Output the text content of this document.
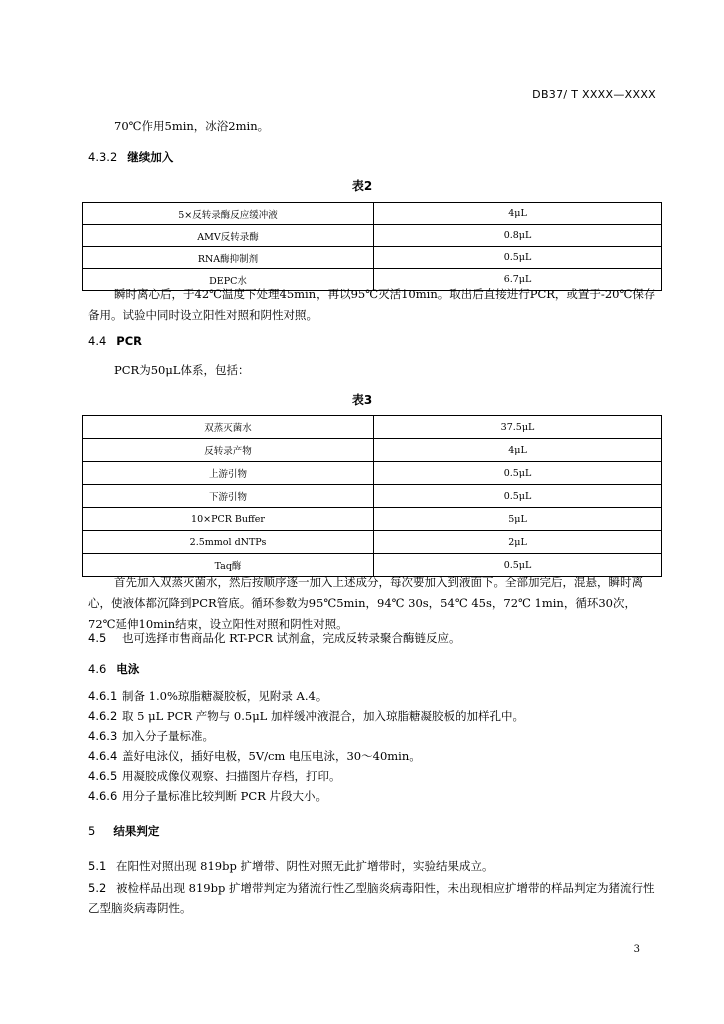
DB37/ T XXXX—XXXX
70℃作用5min，冰浴2min。
4.3.2 继续加入
表2
5×反转录酶反应缓冲液	4μL
AMV反转录酶	0.8μL
RNA酶抑制剂	0.5μL
DEPC水	6.7μL
瞬时离心后，于42℃温度下处理45min，再以95℃灭活10min。取出后直接进行PCR，或置于-20℃保存备用。试验中同时设立阳性对照和阴性对照。
4.4 PCR
PCR为50μL体系，包括：
表3
双蒸灭菌水	37.5μL
反转录产物	4μL
上游引物	0.5μL
下游引物	0.5μL
10×PCR Buffer	5μL
2.5mmol dNTPs	2μL
Taq酶	0.5μL
首先加入双蒸灭菌水，然后按顺序逐一加入上述成分，每次要加入到液面下。全部加完后，混悬，瞬时离心，使液体都沉降到PCR管底。循环参数为95℃5min，94℃ 30s，54℃ 45s，72℃ 1min，循环30次，72℃延伸10min结束，设立阳性对照和阴性对照。
4.5 也可选择市售商品化 RT-PCR 试剂盒，完成反转录聚合酶链反应。
4.6 电泳
4.6.1 制备 1.0%琼脂糖凝胶板，见附录 A.4。
4.6.2 取 5 μL PCR 产物与 0.5μL 加样缓冲液混合，加入琼脂糖凝胶板的加样孔中。
4.6.3 加入分子量标准。
4.6.4 盖好电泳仪，插好电极，5V/cm 电压电泳，30～40min。
4.6.5 用凝胶成像仪观察、扫描图片存档，打印。
4.6.6 用分子量标准比较判断 PCR 片段大小。
5 结果判定
5.1 在阳性对照出现 819bp 扩增带、阴性对照无此扩增带时，实验结果成立。
5.2 被检样品出现 819bp 扩增带判定为猪流行性乙型脑炎病毒阳性，未出现相应扩增带的样品判定为猪流行性乙型脑炎病毒阴性。
3
